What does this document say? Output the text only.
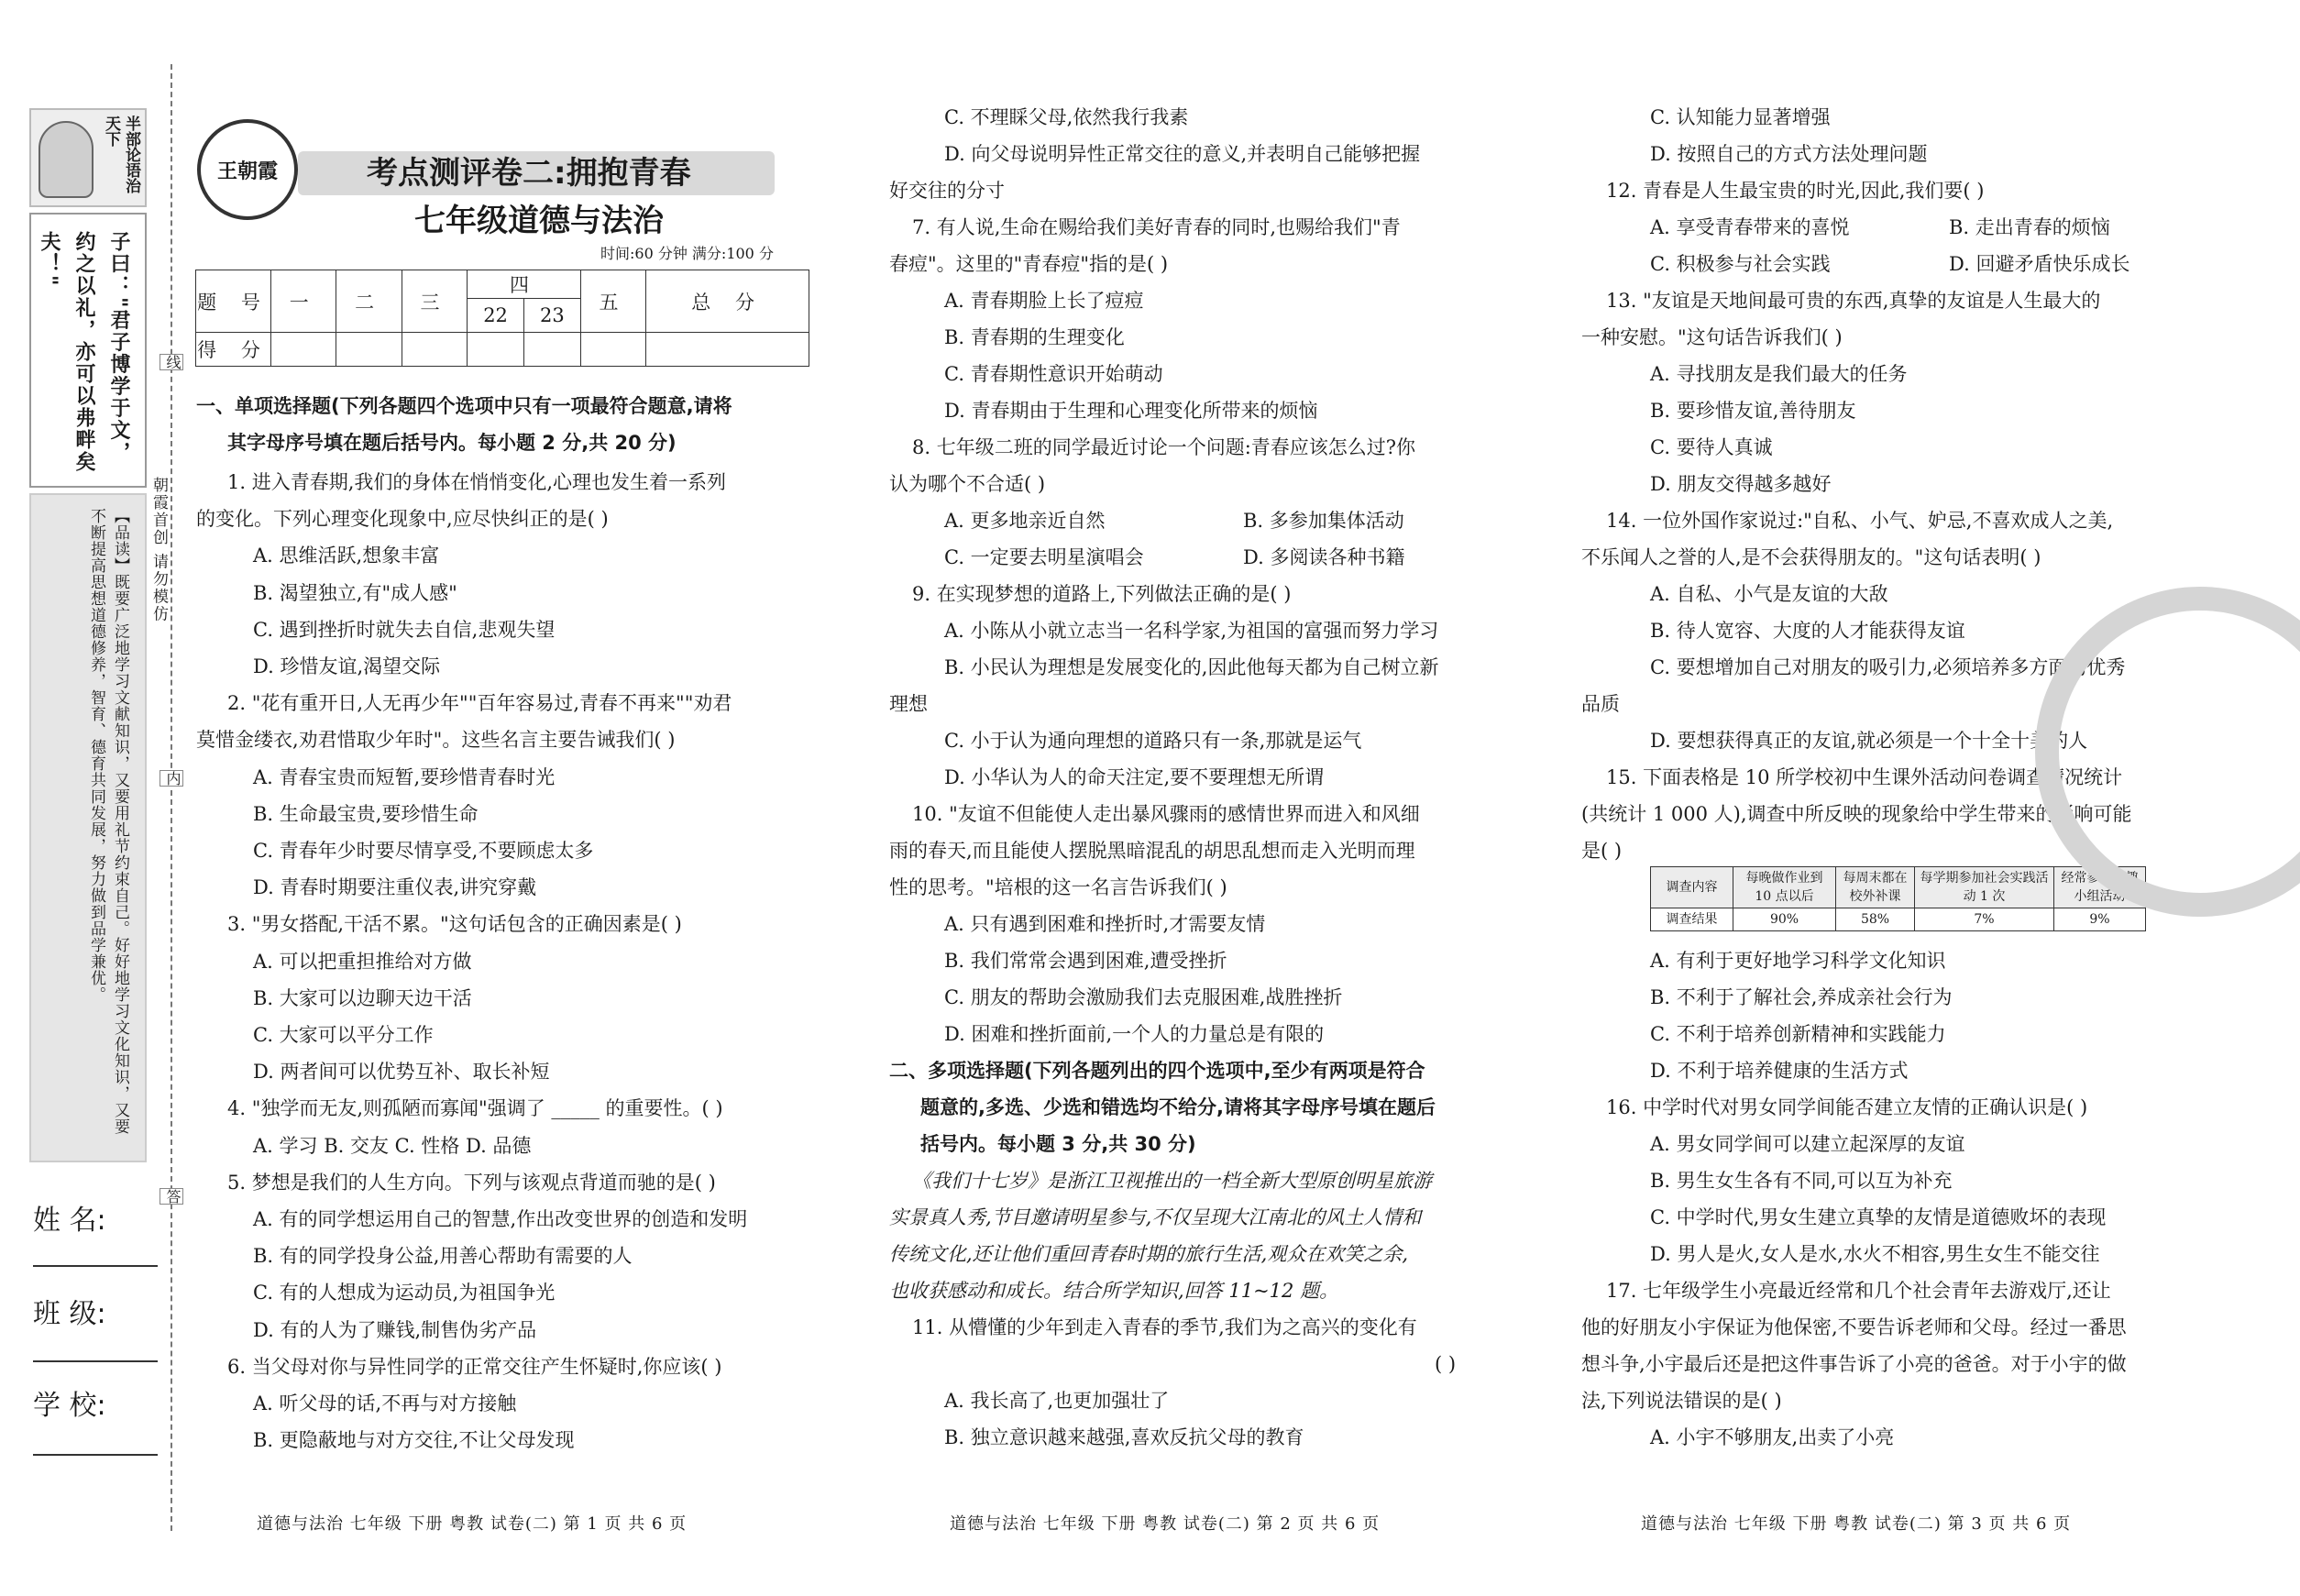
半部论语治天下
子曰："君子博学于文，约之以礼，亦可以弗畔矣夫！"
【品读】既要广泛地学习文献知识，又要用礼节约束自己。好好地学习文化知识，又要不断提高思想道德修养，智育、德育共同发展，努力做到品学兼优。
姓 名:
班 级:
学 校:
线
内
答
朝霞首创 请勿模仿
王朝霞	考点测评卷二:拥抱青春
七年级道德与法治
时间:60 分钟 满分:100 分
题 号	一	二	三	四		五	总 分
				22	23		
得 分							
一、单项选择题(下列各题四个选项中只有一项最符合题意,请将
其字母序号填在题后括号内。每小题 2 分,共 20 分)
1. 进入青春期,我们的身体在悄悄变化,心理也发生着一系列
的变化。下列心理变化现象中,应尽快纠正的是( )
A. 思维活跃,想象丰富
B. 渴望独立,有"成人感"
C. 遇到挫折时就失去自信,悲观失望
D. 珍惜友谊,渴望交际
2. "花有重开日,人无再少年""百年容易过,青春不再来""劝君
莫惜金缕衣,劝君惜取少年时"。这些名言主要告诫我们( )
A. 青春宝贵而短暂,要珍惜青春时光
B. 生命最宝贵,要珍惜生命
C. 青春年少时要尽情享受,不要顾虑太多
D. 青春时期要注重仪表,讲究穿戴
3. "男女搭配,干活不累。"这句话包含的正确因素是( )
A. 可以把重担推给对方做
B. 大家可以边聊天边干活
C. 大家可以平分工作
D. 两者间可以优势互补、取长补短
4. "独学而无友,则孤陋而寡闻"强调了 _____ 的重要性。( )
A. 学习 B. 交友 C. 性格 D. 品德
5. 梦想是我们的人生方向。下列与该观点背道而驰的是( )
A. 有的同学想运用自己的智慧,作出改变世界的创造和发明
B. 有的同学投身公益,用善心帮助有需要的人
C. 有的人想成为运动员,为祖国争光
D. 有的人为了赚钱,制售伪劣产品
6. 当父母对你与异性同学的正常交往产生怀疑时,你应该( )
A. 听父母的话,不再与对方接触
B. 更隐蔽地与对方交往,不让父母发现
C. 不理睬父母,依然我行我素
D. 向父母说明异性正常交往的意义,并表明自己能够把握
好交往的分寸
7. 有人说,生命在赐给我们美好青春的同时,也赐给我们"青
春痘"。这里的"青春痘"指的是( )
A. 青春期脸上长了痘痘
B. 青春期的生理变化
C. 青春期性意识开始萌动
D. 青春期由于生理和心理变化所带来的烦恼
8. 七年级二班的同学最近讨论一个问题:青春应该怎么过?你
认为哪个不合适( )
A. 更多地亲近自然	B. 多参加集体活动
C. 一定要去明星演唱会	D. 多阅读各种书籍
9. 在实现梦想的道路上,下列做法正确的是( )
A. 小陈从小就立志当一名科学家,为祖国的富强而努力学习
B. 小民认为理想是发展变化的,因此他每天都为自己树立新
理想
C. 小于认为通向理想的道路只有一条,那就是运气
D. 小华认为人的命天注定,要不要理想无所谓
10. "友谊不但能使人走出暴风骤雨的感情世界而进入和风细
雨的春天,而且能使人摆脱黑暗混乱的胡思乱想而走入光明而理
性的思考。"培根的这一名言告诉我们( )
A. 只有遇到困难和挫折时,才需要友情
B. 我们常常会遇到困难,遭受挫折
C. 朋友的帮助会激励我们去克服困难,战胜挫折
D. 困难和挫折面前,一个人的力量总是有限的
二、多项选择题(下列各题列出的四个选项中,至少有两项是符合
题意的,多选、少选和错选均不给分,请将其字母序号填在题后
括号内。每小题 3 分,共 30 分)
《我们十七岁》是浙江卫视推出的一档全新大型原创明星旅游
实景真人秀,节目邀请明星参与,不仅呈现大江南北的风土人情和
传统文化,还让他们重回青春时期的旅行生活,观众在欢笑之余,
也收获感动和成长。结合所学知识,回答 11~12 题。
11. 从懵懂的少年到走入青春的季节,我们为之高兴的变化有
( )
A. 我长高了,也更加强壮了
B. 独立意识越来越强,喜欢反抗父母的教育
C. 认知能力显著增强
D. 按照自己的方式方法处理问题
12. 青春是人生最宝贵的时光,因此,我们要( )
A. 享受青春带来的喜悦	B. 走出青春的烦恼
C. 积极参与社会实践	D. 回避矛盾快乐成长
13. "友谊是天地间最可贵的东西,真挚的友谊是人生最大的
一种安慰。"这句话告诉我们( )
A. 寻找朋友是我们最大的任务
B. 要珍惜友谊,善待朋友
C. 要待人真诚
D. 朋友交得越多越好
14. 一位外国作家说过:"自私、小气、妒忌,不喜欢成人之美,
不乐闻人之誉的人,是不会获得朋友的。"这句话表明( )
A. 自私、小气是友谊的大敌
B. 待人宽容、大度的人才能获得友谊
C. 要想增加自己对朋友的吸引力,必须培养多方面的优秀
品质
D. 要想获得真正的友谊,就必须是一个十全十美的人
15. 下面表格是 10 所学校初中生课外活动问卷调查情况统计
(共统计 1 000 人),调查中所反映的现象给中学生带来的影响可能
是( )
A. 有利于更好地学习科学文化知识
B. 不利于了解社会,养成亲社会行为
C. 不利于培养创新精神和实践能力
D. 不利于培养健康的生活方式
16. 中学时代对男女同学间能否建立友情的正确认识是( )
A. 男女同学间可以建立起深厚的友谊
B. 男生女生各有不同,可以互为补充
C. 中学时代,男女生建立真挚的友情是道德败坏的表现
D. 男人是火,女人是水,水火不相容,男生女生不能交往
17. 七年级学生小亮最近经常和几个社会青年去游戏厅,还让
他的好朋友小宇保证为他保密,不要告诉老师和父母。经过一番思
想斗争,小宇最后还是把这件事告诉了小亮的爸爸。对于小宇的做
法,下列说法错误的是( )
A. 小宇不够朋友,出卖了小亮
调查内容	每晚做作业到 10 点以后	每周末都在校外补课	每学期参加社会实践活动 1 次	经常参加兴趣小组活动
调查结果	90%	58%	7%	9%
道德与法治 七年级 下册 粤教 试卷(二) 第 1 页 共 6 页	道德与法治 七年级 下册 粤教 试卷(二) 第 2 页 共 6 页	道德与法治 七年级 下册 粤教 试卷(二) 第 3 页 共 6 页
